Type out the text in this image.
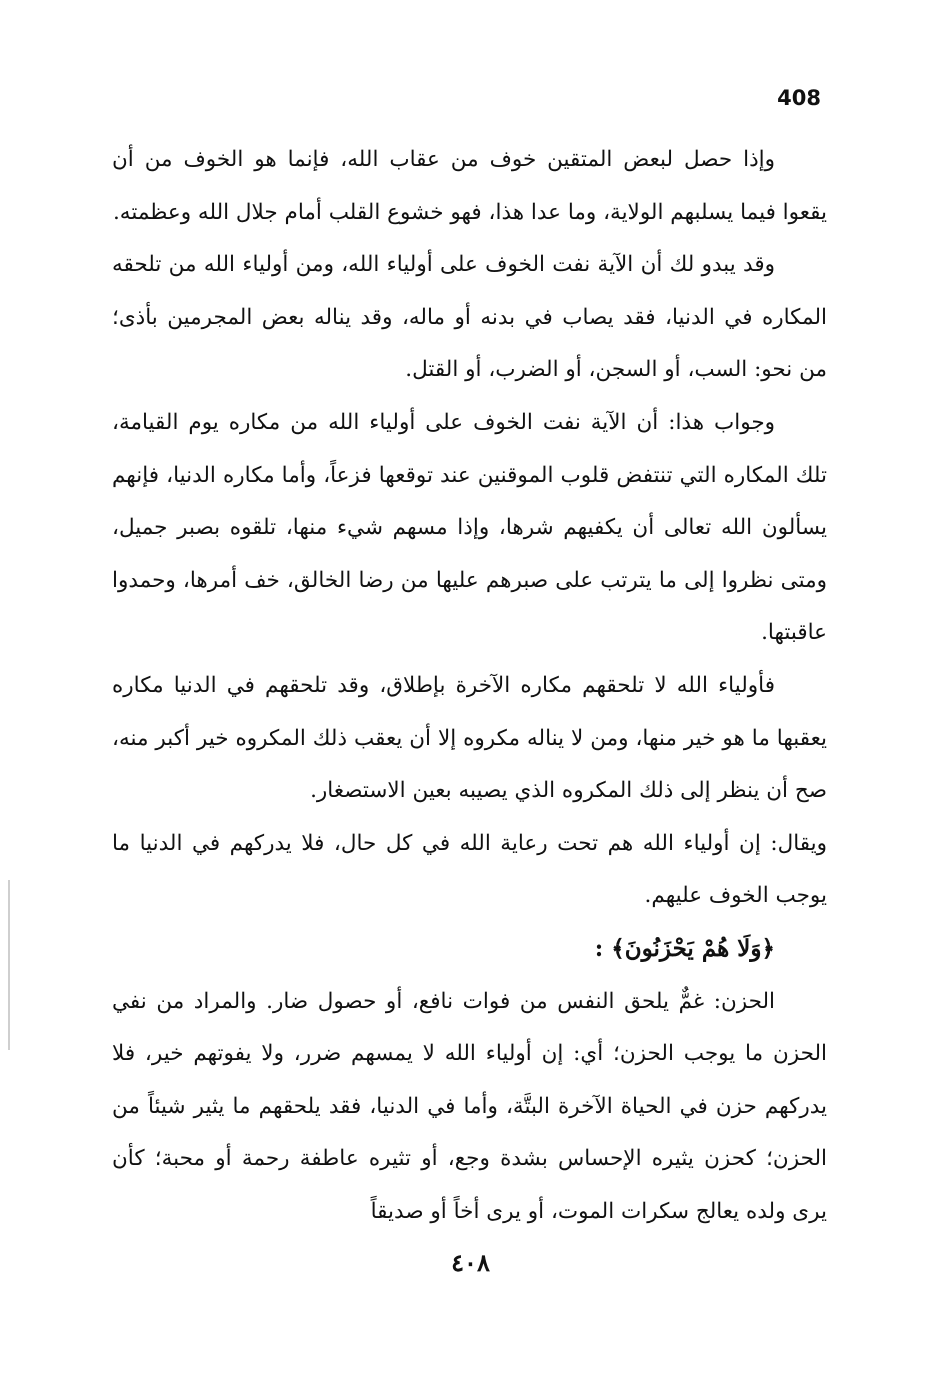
408

وإذا حصل لبعض المتقين خوف من عقاب الله، فإنما هو الخوف من أن يقعوا فيما يسلبهم الولاية، وما عدا هذا، فهو خشوع القلب أمام جلال الله وعظمته.

وقد يبدو لك أن الآية نفت الخوف على أولياء الله، ومن أولياء الله من تلحقه المكاره في الدنيا، فقد يصاب في بدنه أو ماله، وقد يناله بعض المجرمين بأذى؛ من نحو: السب، أو السجن، أو الضرب، أو القتل.

وجواب هذا: أن الآية نفت الخوف على أولياء الله من مكاره يوم القيامة، تلك المكاره التي تنتفض قلوب الموقنين عند توقعها فزعاً، وأما مكاره الدنيا، فإنهم يسألون الله تعالى أن يكفيهم شرها، وإذا مسهم شيء منها، تلقوه بصبر جميل، ومتى نظروا إلى ما يترتب على صبرهم عليها من رضا الخالق، خف أمرها، وحمدوا عاقبتها.

فأولياء الله لا تلحقهم مكاره الآخرة بإطلاق، وقد تلحقهم في الدنيا مكاره يعقبها ما هو خير منها، ومن لا يناله مكروه إلا أن يعقب ذلك المكروه خير أكبر منه، صح أن ينظر إلى ذلك المكروه الذي يصيبه بعين الاستصغار.

ويقال: إن أولياء الله هم تحت رعاية الله في كل حال، فلا يدركهم في الدنيا ما يوجب الخوف عليهم.

﴿وَلَا هُمْ يَحْزَنُونَ﴾ :

الحزن: غمٌّ يلحق النفس من فوات نافع، أو حصول ضار. والمراد من نفي الحزن ما يوجب الحزن؛ أي: إن أولياء الله لا يمسهم ضرر، ولا يفوتهم خير، فلا يدركهم حزن في الحياة الآخرة البتَّة، وأما في الدنيا، فقد يلحقهم ما يثير شيئاً من الحزن؛ كحزن يثيره الإحساس بشدة وجع، أو تثيره عاطفة رحمة أو محبة؛ كأن يرى ولده يعالج سكرات الموت، أو يرى أخاً أو صديقاً

٤٠٨
